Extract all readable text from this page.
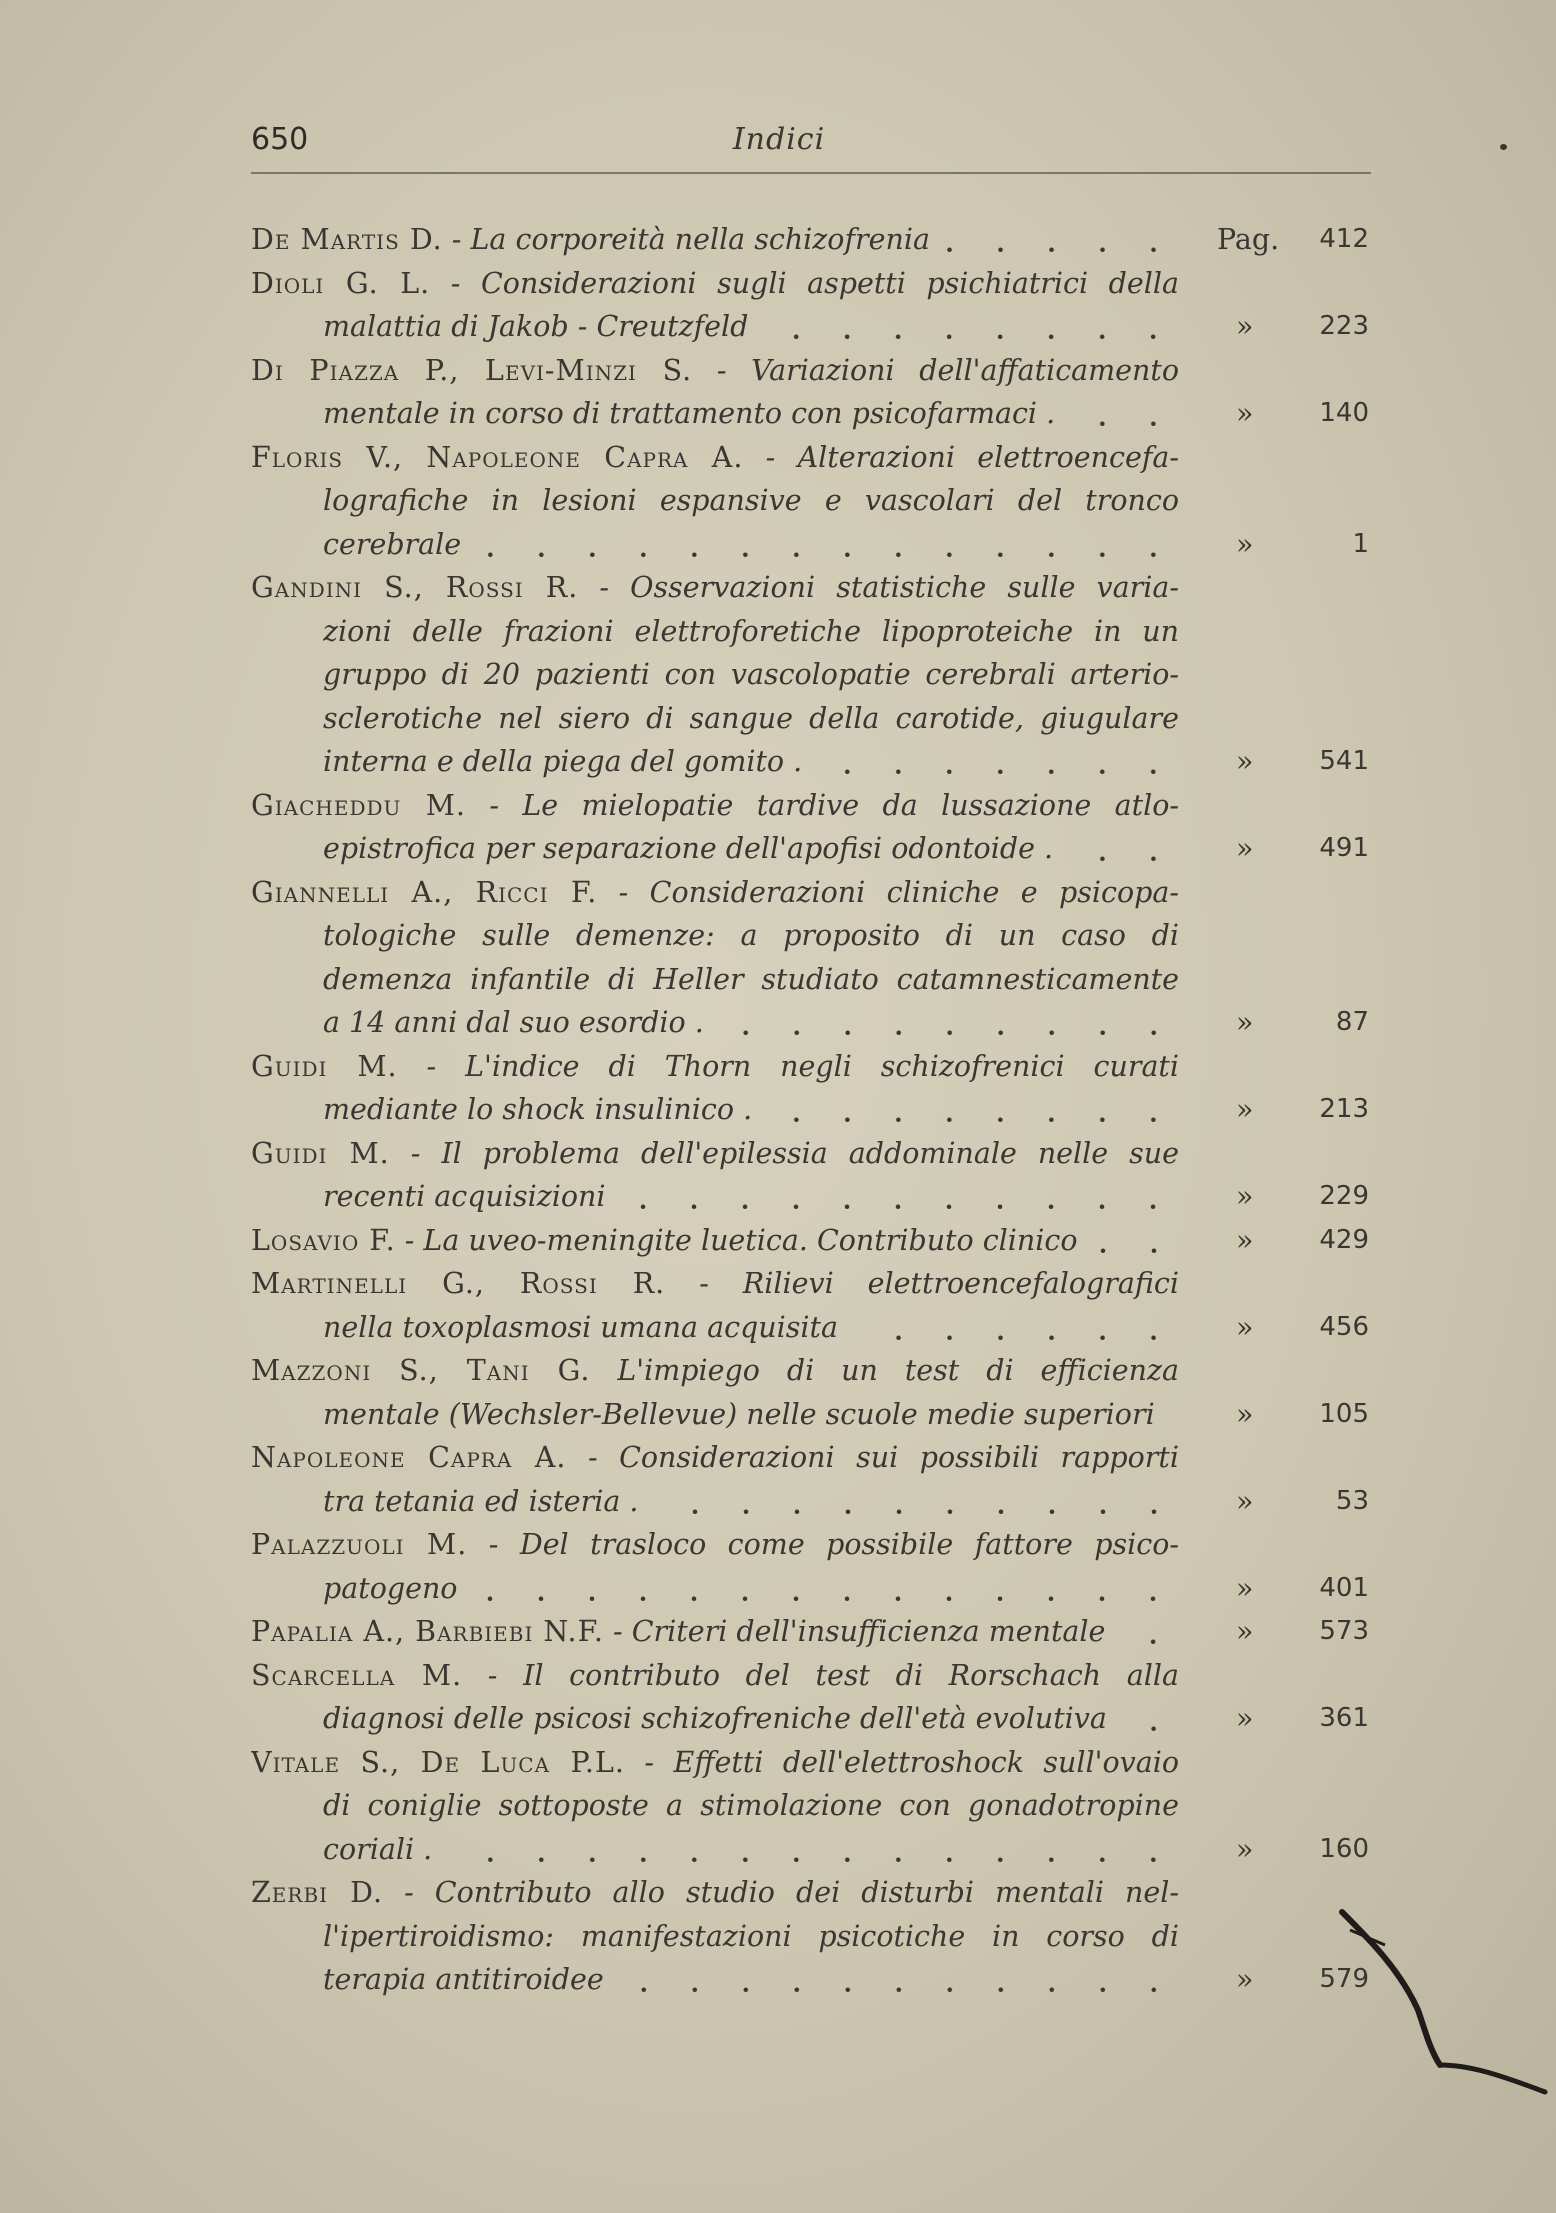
650	Indici
De Martis D. - La corporeità nella schizofrenia	Pag.	412
Dioli G. L. - Considerazioni sugli aspetti psichiatrici della
malattia di Jakob - Creutzfeld	»	223
Di Piazza P., Levi-Minzi S. - Variazioni dell'affaticamento
mentale in corso di trattamento con psicofarmaci .	»	140
Floris V., Napoleone Capra A. - Alterazioni elettroencefa-
lografiche in lesioni espansive e vascolari del tronco
cerebrale	»	1
Gandini S., Rossi R. - Osservazioni statistiche sulle varia-
zioni delle frazioni elettroforetiche lipoproteiche in un
gruppo di 20 pazienti con vascolopatie cerebrali arterio-
sclerotiche nel siero di sangue della carotide, giugulare
interna e della piega del gomito .	»	541
Giacheddu M. - Le mielopatie tardive da lussazione atlo-
epistrofica per separazione dell'apofisi odontoide .	»	491
Giannelli A., Ricci F. - Considerazioni cliniche e psicopa-
tologiche sulle demenze: a proposito di un caso di
demenza infantile di Heller studiato catamnesticamente
a 14 anni dal suo esordio .	»	87
Guidi M. - L'indice di Thorn negli schizofrenici curati
mediante lo shock insulinico .	»	213
Guidi M. - Il problema dell'epilessia addominale nelle sue
recenti acquisizioni	»	229
Losavio F. - La uveo-meningite luetica. Contributo clinico	»	429
Martinelli G., Rossi R. - Rilievi elettroencefalografici
nella toxoplasmosi umana acquisita	»	456
Mazzoni S., Tani G. L'impiego di un test di efficienza
mentale (Wechsler-Bellevue) nelle scuole medie superiori	»	105
Napoleone Capra A. - Considerazioni sui possibili rapporti
tra tetania ed isteria .	»	53
Palazzuoli M. - Del trasloco come possibile fattore psico-
patogeno	»	401
Papalia A., Barbiebi N.F. - Criteri dell'insufficienza mentale	»	573
Scarcella M. - Il contributo del test di Rorschach alla
diagnosi delle psicosi schizofreniche dell'età evolutiva	»	361
Vitale S., De Luca P.L. - Effetti dell'elettroshock sull'ovaio
di coniglie sottoposte a stimolazione con gonadotropine
coriali .	»	160
Zerbi D. - Contributo allo studio dei disturbi mentali nel-
l'ipertiroidismo: manifestazioni psicotiche in corso di
terapia antitiroidee	»	579
